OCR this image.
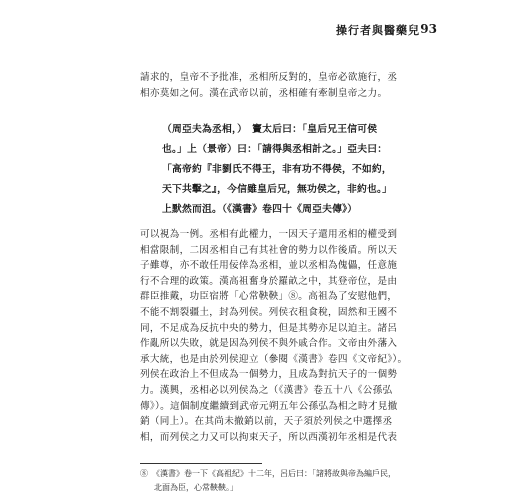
操行者與醫藥兒 93

請求的，皇帝不予批准，丞相所反對的，皇帝必欲施行，丞
相亦莫如之何。漢在武帝以前，丞相確有牽制皇帝之力。

（周亞夫為丞相，）　竇太后曰：「皇后兄王信可侯
也。」上（景帝）曰：「請得與丞相計之。」亞夫曰：
「高帝約『非劉氏不得王，非有功不得侯，不如約，
天下共擊之』，今信雖皇后兄，無功侯之，非約也。」
上默然而沮。（《漢書》卷四十《周亞夫傳》）

可以視為一例。丞相有此權力，一因天子還用丞相的權受到
相當限制，二因丞相自己有其社會的勢力以作後盾。所以天
子雖尊，亦不敢任用佞倖為丞相，並以丞相為傀儡，任意施
行不合理的政策。漢高祖奮身於羅畝之中，其登帝位，是由
群臣推戴，功臣宿將「心常鞅鞅」⑧。高祖為了安慰他們，
不能不割裂疆土，封為列侯。列侯衣租食稅，固然和王國不
同，不足成為反抗中央的勢力，但是其勢亦足以迫主。諸呂
作亂所以失敗，就是因為列侯不與外戚合作。文帝由外藩入
承大統，也是由於列侯迎立（參閱《漢書》卷四《文帝紀》）。
列侯在政治上不但成為一個勢力，且成為對抗天子的一個勢
力。漢興，丞相必以列侯為之（《漢書》卷五十八《公孫弘
傳》）。這個制度繼續到武帝元朔五年公孫弘為相之時才見撤
銷（同上）。在其尚未撤銷以前，天子須於列侯之中選擇丞
相，而列侯之力又可以拘束天子，所以西漢初年丞相是代表

⑧　《漢書》卷一下《高祖紀》十二年，呂后曰：「諸將故與帝為編戶民，
北面為臣，心常鞅鞅。」
